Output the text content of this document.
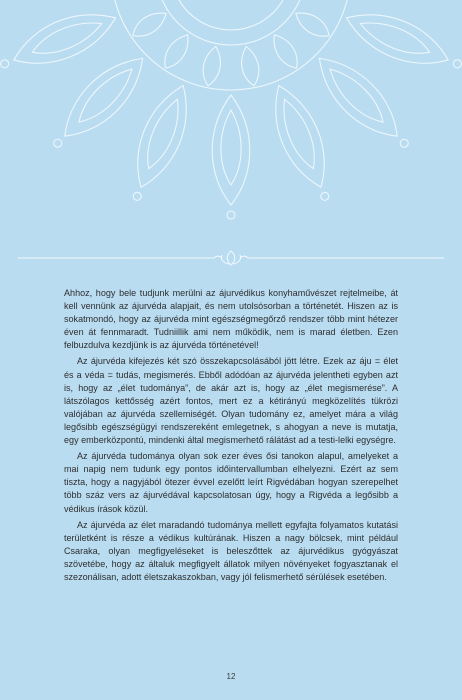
Ahhoz, hogy bele tudjunk merülni az ájurvédikus konyhaművészet rejtelmeibe, át kell vennünk az ájurvéda alapjait, és nem utolsósorban a történetét. Hiszen az is sokatmondó, hogy az ájurvéda mint egészségmegőrző rendszer több mint hétezer éven át fennmaradt. Tudniillik ami nem működik, nem is marad életben. Ezen felbuzdulva kezdjünk is az ájurvéda történetével!

Az ájurvéda kifejezés két szó összekapcsolásából jött létre. Ezek az áju = élet és a véda = tudás, megismerés. Ebből adódóan az ájurvéda jelentheti egyben azt is, hogy az „élet tudománya”, de akár azt is, hogy az „élet megismerése”. A látszólagos kettősség azért fontos, mert ez a kétirányú megközelítés tükrözi valójában az ájurvéda szellemiségét. Olyan tudomány ez, amelyet mára a világ legősibb egészségügyi rendszereként emlegetnek, s ahogyan a neve is mutatja, egy emberközpontú, mindenki által megismerhető rálátást ad a testi-lelki egységre.

Az ájurvéda tudománya olyan sok ezer éves ősi tanokon alapul, amelyeket a mai napig nem tudunk egy pontos időintervallumban elhelyezni. Ezért az sem tiszta, hogy a nagyjából ötezer évvel ezelőtt leírt Rigvédában hogyan szerepelhet több száz vers az ájurvédával kapcsolatosan úgy, hogy a Rigvéda a legősibb a védikus írások közül.

Az ájurvéda az élet maradandó tudománya mellett egyfajta folyamatos kutatási területként is része a védikus kultúrának. Hiszen a nagy bölcsek, mint például Csaraka, olyan megfigyeléseket is beleszőttek az ájurvédikus gyógyászat szövetébe, hogy az általuk megfigyelt állatok milyen növényeket fogyasztanak el szezonálisan, adott életszakaszokban, vagy jól felismerhető sérülések esetében.

12
